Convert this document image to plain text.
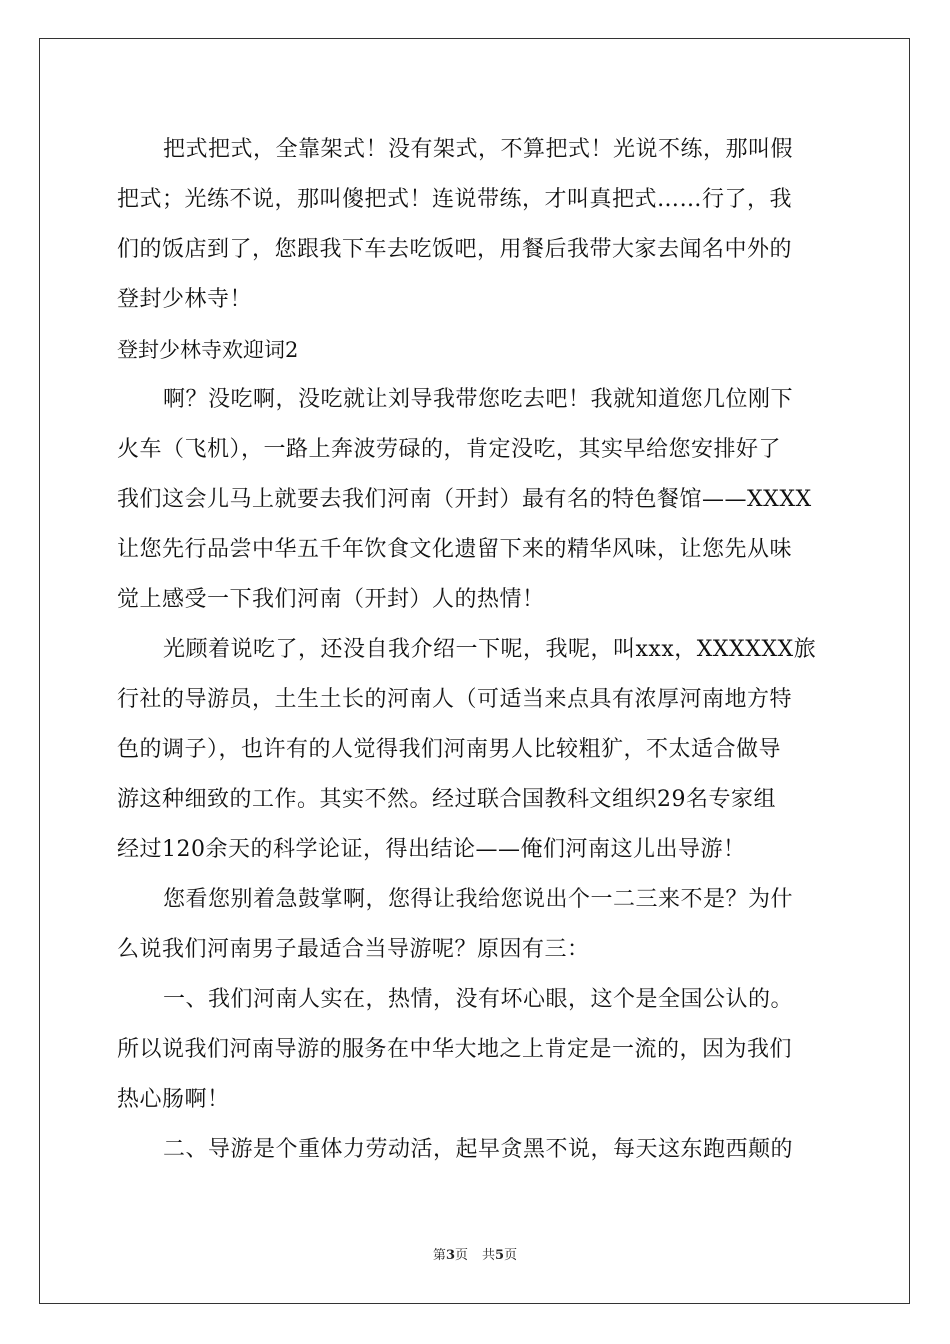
把式把式，全靠架式！没有架式，不算把式！光说不练，那叫假
把式；光练不说，那叫傻把式！连说带练，才叫真把式……行了，我
们的饭店到了，您跟我下车去吃饭吧，用餐后我带大家去闻名中外的
登封少林寺！
登封少林寺欢迎词2
啊？没吃啊，没吃就让刘导我带您吃去吧！我就知道您几位刚下
火车（飞机），一路上奔波劳碌的，肯定没吃，其实早给您安排好了
我们这会儿马上就要去我们河南（开封）最有名的特色餐馆——XXXX
让您先行品尝中华五千年饮食文化遗留下来的精华风味，让您先从味
觉上感受一下我们河南（开封）人的热情！
光顾着说吃了，还没自我介绍一下呢，我呢，叫xxx，XXXXXX旅
行社的导游员，土生土长的河南人（可适当来点具有浓厚河南地方特
色的调子），也许有的人觉得我们河南男人比较粗犷，不太适合做导
游这种细致的工作。其实不然。经过联合国教科文组织29名专家组
经过120余天的科学论证，得出结论——俺们河南这儿出导游！
您看您别着急鼓掌啊，您得让我给您说出个一二三来不是？为什
么说我们河南男子最适合当导游呢？原因有三：
一、我们河南人实在，热情，没有坏心眼，这个是全国公认的。
所以说我们河南导游的服务在中华大地之上肯定是一流的，因为我们
热心肠啊！
二、导游是个重体力劳动活，起早贪黑不说，每天这东跑西颠的
第3页 共5页
